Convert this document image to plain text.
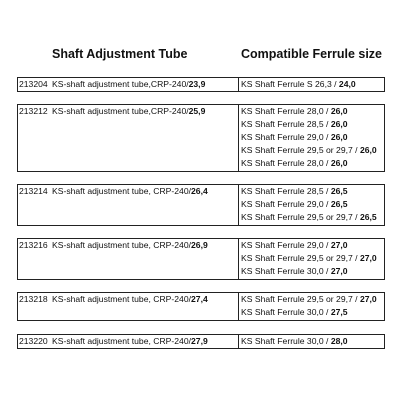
Shaft Adjustment Tube	Compatible Ferrule size
213204 KS-shaft adjustment tube,CRP-240/23,9	KS Shaft Ferrule S 26,3 / 24,0
213212 KS-shaft adjustment tube,CRP-240/25,9	KS Shaft Ferrule 28,0 / 26,0
KS Shaft Ferrule 28,5 / 26,0
KS Shaft Ferrule 29,0 / 26,0
KS Shaft Ferrule 29,5 or 29,7 / 26,0
KS Shaft Ferrule 28,0 / 26,0
213214 KS-shaft adjustment tube, CRP-240/26,4	KS Shaft Ferrule 28,5 / 26,5
KS Shaft Ferrule 29,0 / 26,5
KS Shaft Ferrule 29,5 or 29,7 / 26,5
213216 KS-shaft adjustment tube, CRP-240/26,9	KS Shaft Ferrule 29,0 / 27,0
KS Shaft Ferrule 29,5 or 29,7 / 27,0
KS Shaft Ferrule 30,0 / 27,0
213218 KS-shaft adjustment tube, CRP-240/27,4	KS Shaft Ferrule 29,5 or 29,7 / 27,0
KS Shaft Ferrule 30,0 / 27,5
213220 KS-shaft adjustment tube, CRP-240/27,9	KS Shaft Ferrule 30,0 / 28,0
